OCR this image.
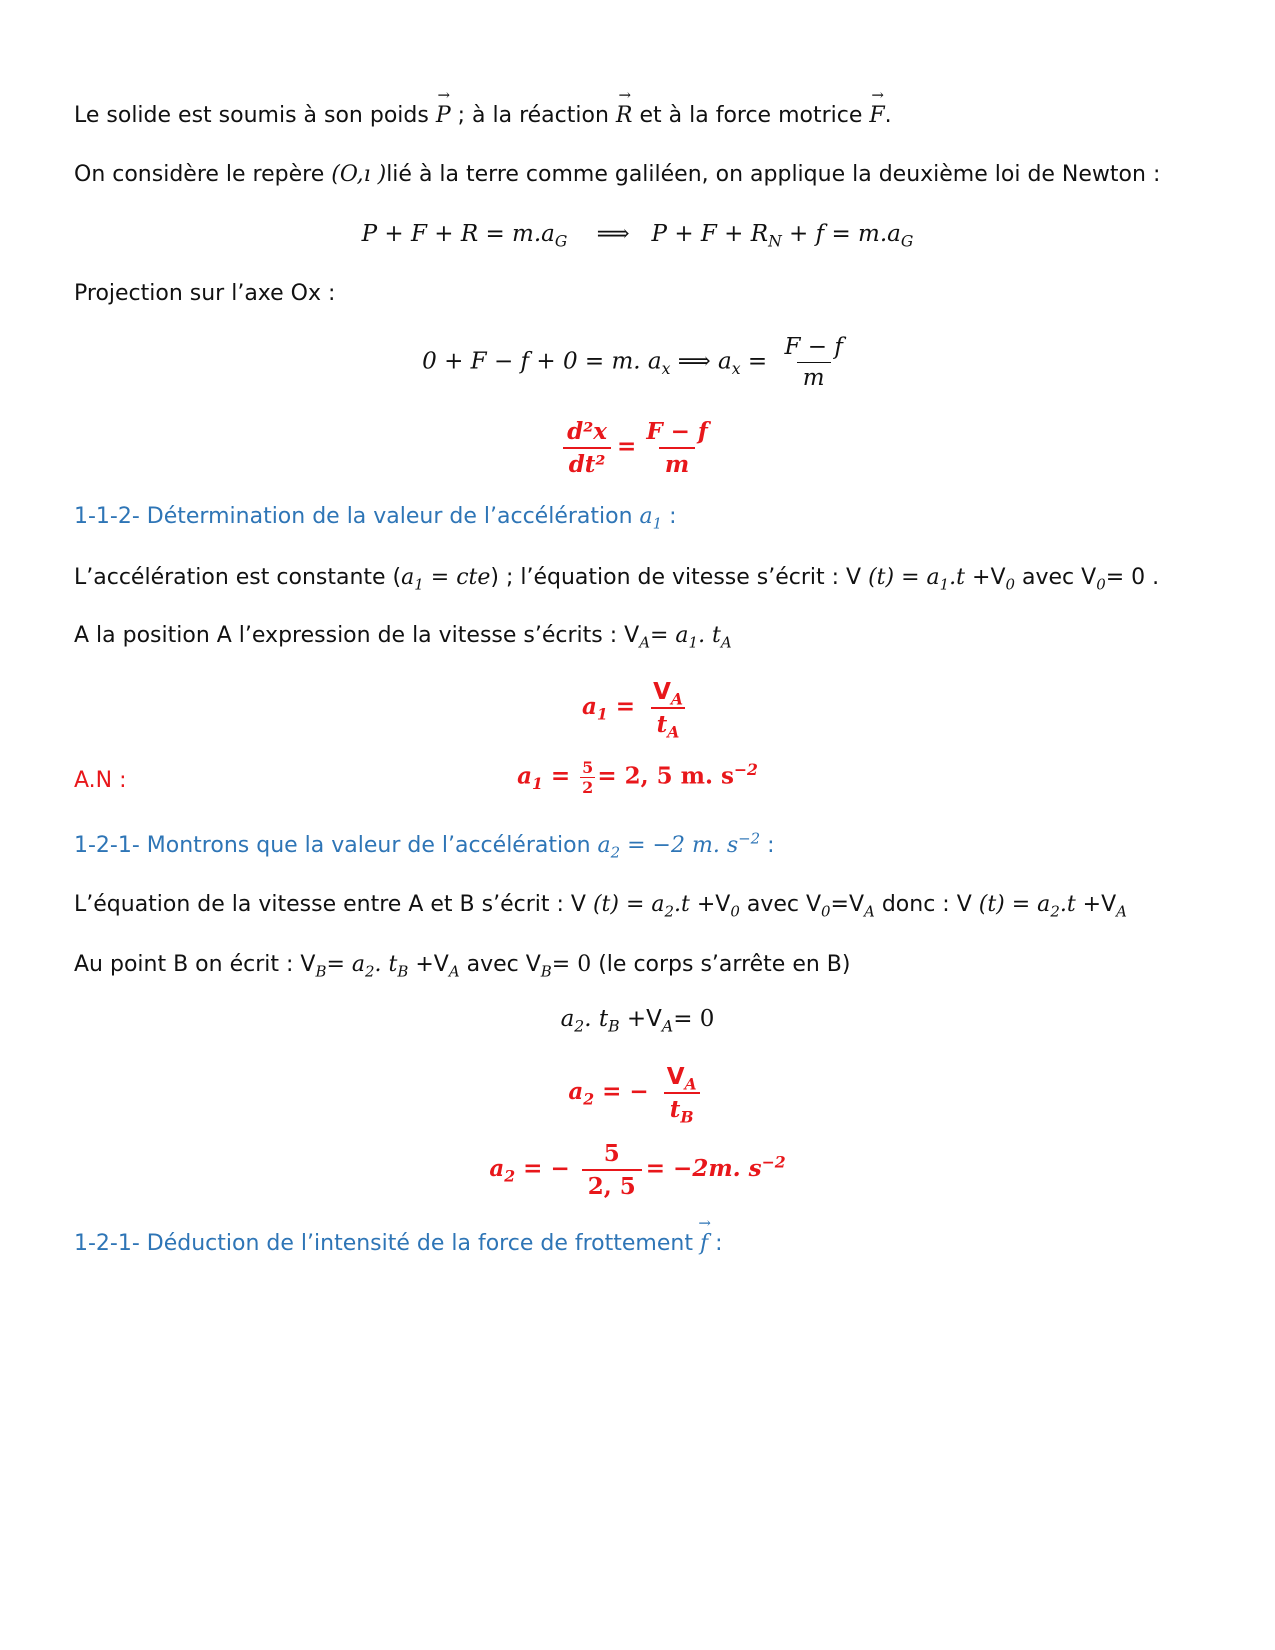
Le solide est soumis à son poids → P ; à la réaction → R et à la force motrice → F.
On considère le repère (O,ı )lié à la terre comme galiléen, on applique la deuxième loi de Newton :
$P + F + R = m.a_G$ ⟹ $P + F + R_N + f = m.a_G$
Projection sur l’axe Ox :
0 + F − f + 0 = m. $a_x$ ⟹ $a_x = \frac{F - f}{m}$
$\frac{\text{d²x}}{\text{dt²}} = \frac{F - f}{m}$
1-1-2- Détermination de la valeur de l’accélération $a_1$ :
L’accélération est constante $(a_1 = cte)$ ; l’équation de vitesse s’écrit : V $(t) = a_1.t +V_0$ avec $V_0= 0$ .
A la position A l’expression de la vitesse s’écrits : $V_A= a_1$. $t_A$
$a_1 = \frac{V_A}{t_A}$
A.N :	$a_1 = \frac{5}{2} = 2$, 5 m. $s^{-2}$
1-2-1- Montrons que la valeur de l’accélération $a_2 = -2$ m. $s^{-2}$ :
L’équation de la vitesse entre A et B s’écrit : V $(t) = a_2.t +V_0$ avec $V_0=V_A$ donc : V $(t) = a_2.t +V_A$
Au point B on écrit : $V_B= a_2$. $t_B +V_A$ avec $V_B= 0$ (le corps s’arrête en B)
$a_2$. $t_B +V_A= 0$
$a_2$ = − $\frac{V_A}{t_B}$
$a_2$ = − $\frac{5}{2, 5} = -2m$. $s^{-2}$
1-2-1- Déduction de l’intensité de la force de frottement → f :
